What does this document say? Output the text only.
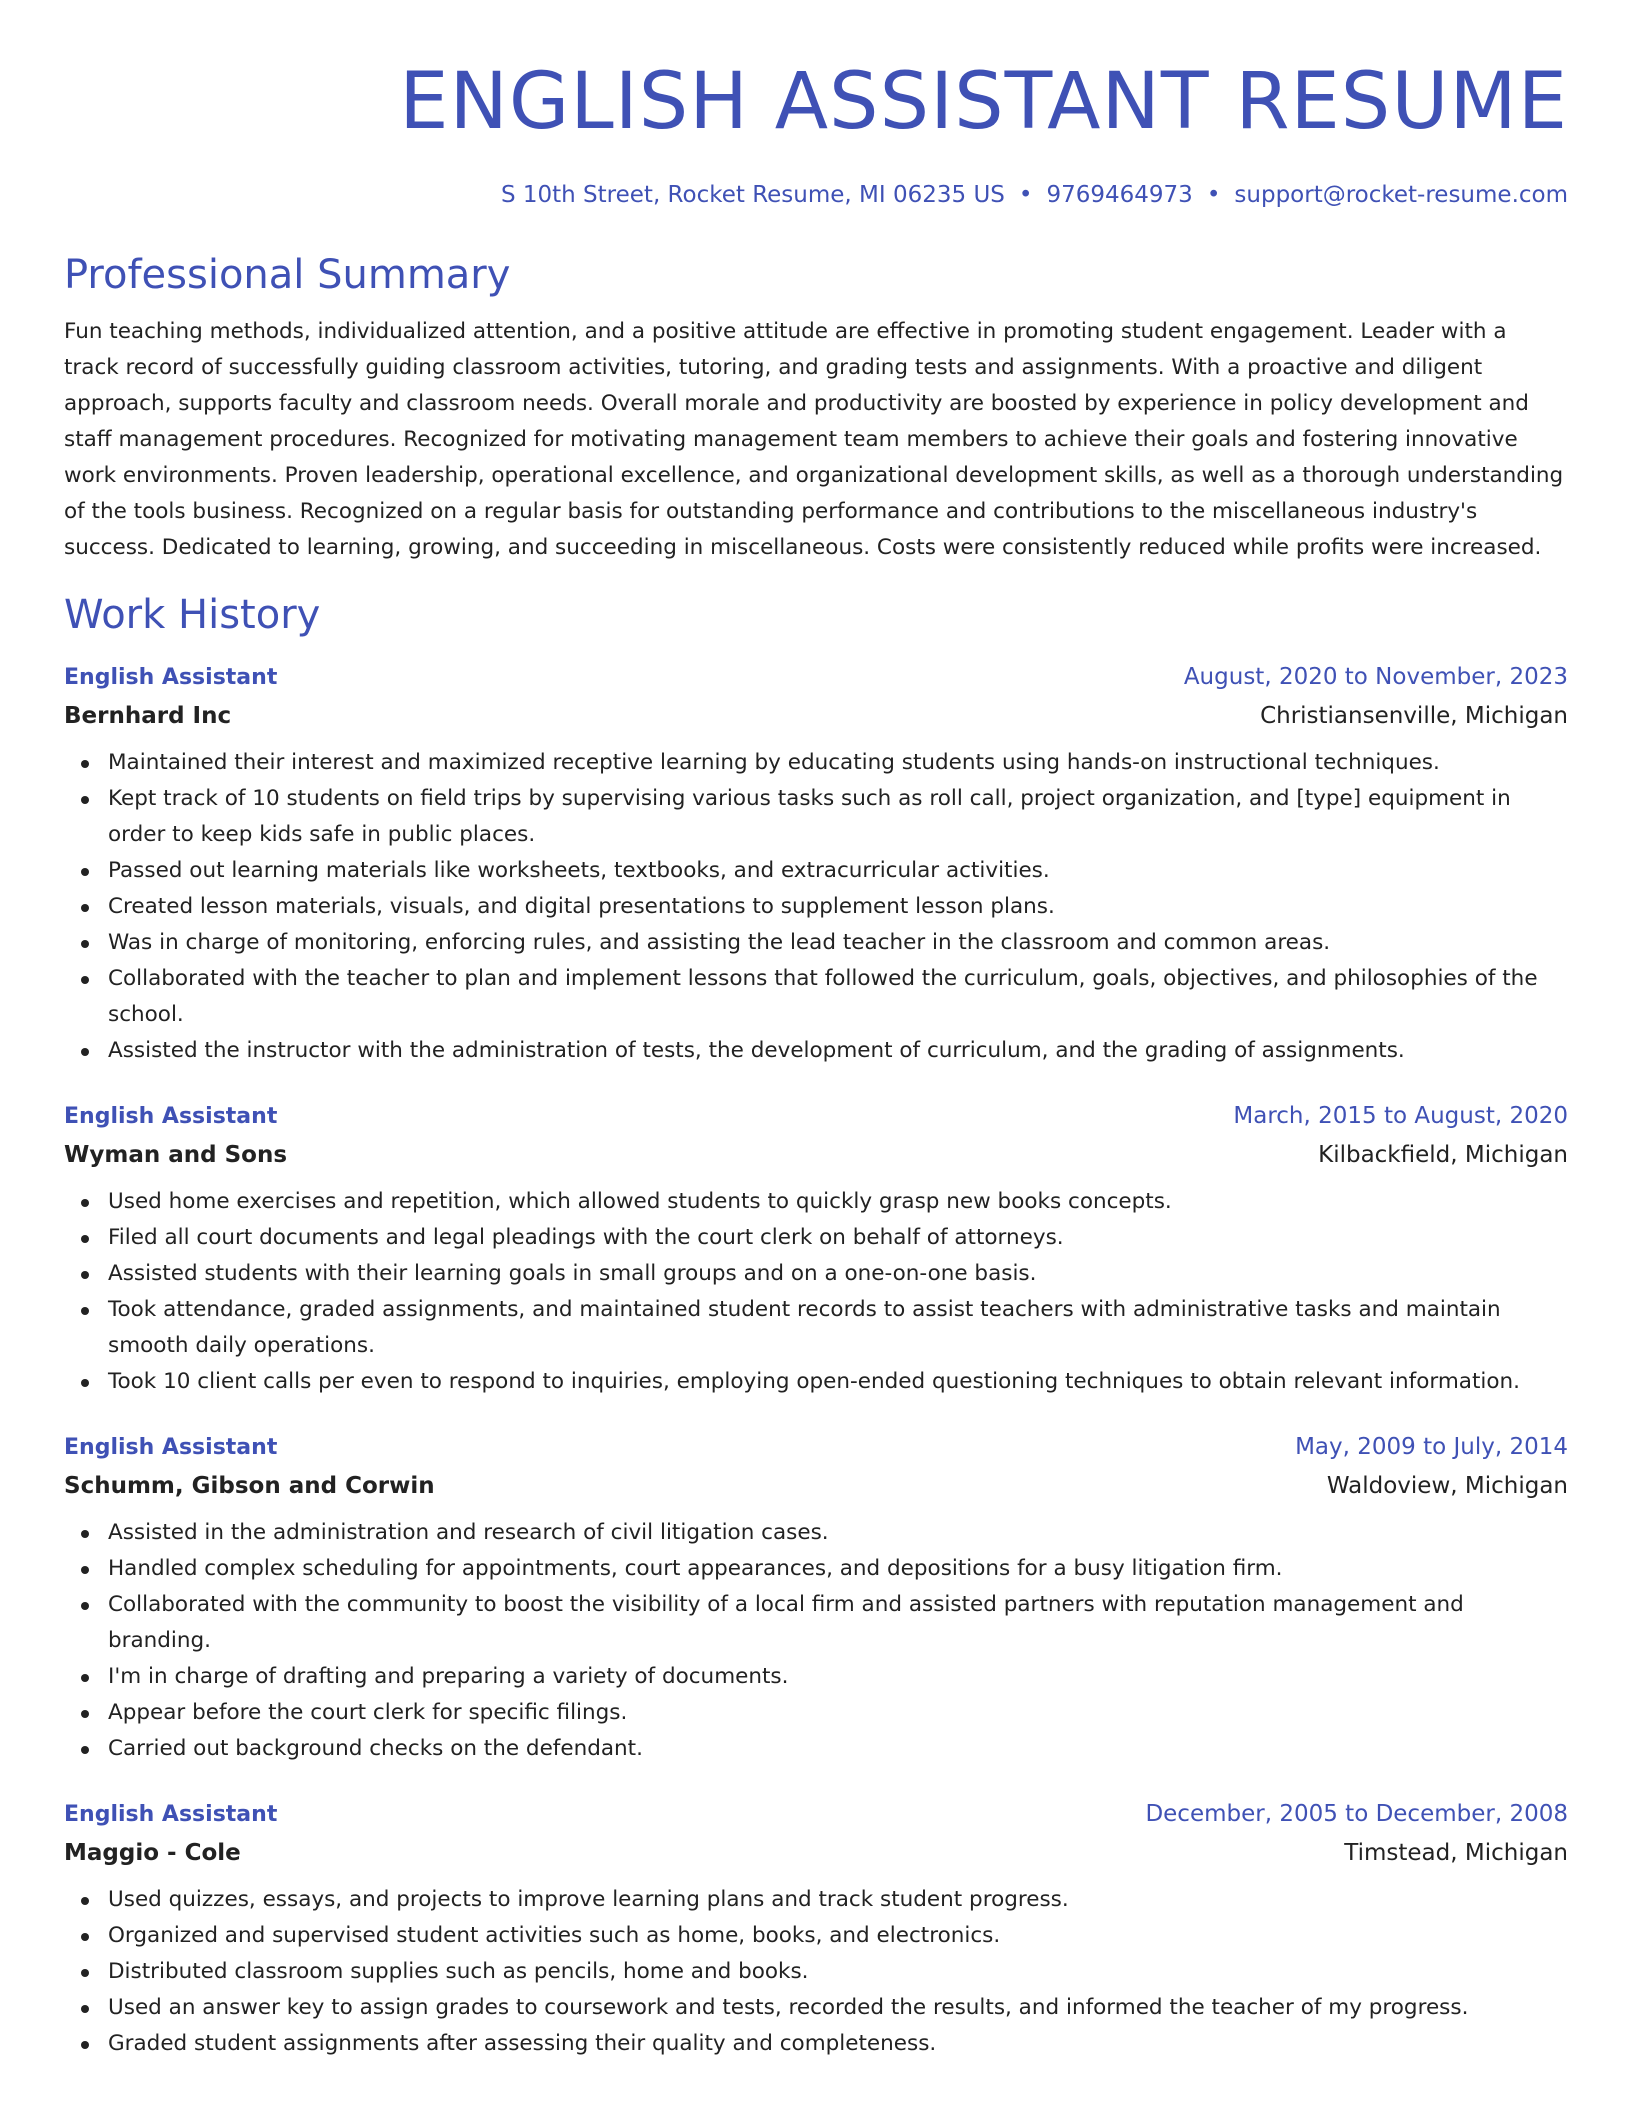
ENGLISH ASSISTANT RESUME
S 10th Street, Rocket Resume, MI 06235 US • 9769464973 • support@rocket-resume.com
Professional Summary

Fun teaching methods, individualized attention, and a positive attitude are effective in promoting student engagement. Leader with a track record of successfully guiding classroom activities, tutoring, and grading tests and assignments. With a proactive and diligent approach, supports faculty and classroom needs. Overall morale and productivity are boosted by experience in policy development and staff management procedures. Recognized for motivating management team members to achieve their goals and fostering innovative work environments. Proven leadership, operational excellence, and organizational development skills, as well as a thorough understanding of the tools business. Recognized on a regular basis for outstanding performance and contributions to the miscellaneous industry's success. Dedicated to learning, growing, and succeeding in miscellaneous. Costs were consistently reduced while profits were increased.

Work History
English Assistant	August, 2020 to November, 2023
Bernhard Inc	Christiansenville, Michigan
Maintained their interest and maximized receptive learning by educating students using hands-on instructional techniques.
Kept track of 10 students on field trips by supervising various tasks such as roll call, project organization, and [type] equipment in order to keep kids safe in public places.
Passed out learning materials like worksheets, textbooks, and extracurricular activities.
Created lesson materials, visuals, and digital presentations to supplement lesson plans.
Was in charge of monitoring, enforcing rules, and assisting the lead teacher in the classroom and common areas.
Collaborated with the teacher to plan and implement lessons that followed the curriculum, goals, objectives, and philosophies of the school.
Assisted the instructor with the administration of tests, the development of curriculum, and the grading of assignments.
English Assistant	March, 2015 to August, 2020
Wyman and Sons	Kilbackfield, Michigan
Used home exercises and repetition, which allowed students to quickly grasp new books concepts.
Filed all court documents and legal pleadings with the court clerk on behalf of attorneys.
Assisted students with their learning goals in small groups and on a one-on-one basis.
Took attendance, graded assignments, and maintained student records to assist teachers with administrative tasks and maintain smooth daily operations.
Took 10 client calls per even to respond to inquiries, employing open-ended questioning techniques to obtain relevant information.
English Assistant	May, 2009 to July, 2014
Schumm, Gibson and Corwin	Waldoview, Michigan
Assisted in the administration and research of civil litigation cases.
Handled complex scheduling for appointments, court appearances, and depositions for a busy litigation firm.
Collaborated with the community to boost the visibility of a local firm and assisted partners with reputation management and branding.
I'm in charge of drafting and preparing a variety of documents.
Appear before the court clerk for specific filings.
Carried out background checks on the defendant.
English Assistant	December, 2005 to December, 2008
Maggio - Cole	Timstead, Michigan
Used quizzes, essays, and projects to improve learning plans and track student progress.
Organized and supervised student activities such as home, books, and electronics.
Distributed classroom supplies such as pencils, home and books.
Used an answer key to assign grades to coursework and tests, recorded the results, and informed the teacher of my progress.
Graded student assignments after assessing their quality and completeness.
